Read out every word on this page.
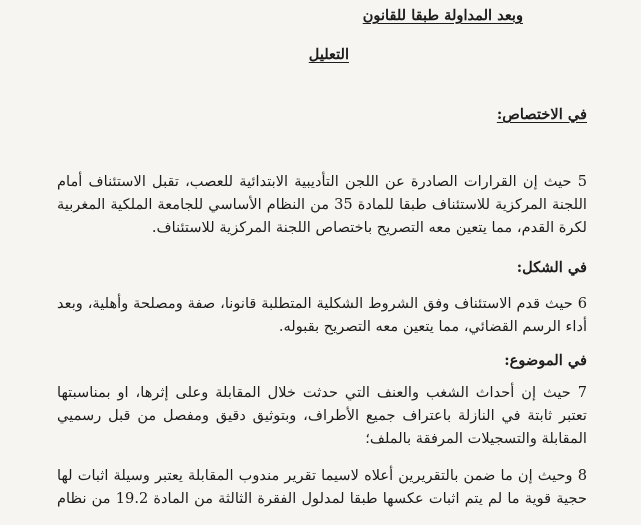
وبعد المداولة طبقا للقانون
التعليل
في الاختصاص:
5 حيث إن القرارات الصادرة عن اللجن التأديبية الابتدائية للعصب، تقبل الاستئناف أمام
اللجنة المركزية للاستئناف طبقا للمادة 35 من النظام الأساسي للجامعة الملكية المغربية
لكرة القدم، مما يتعين معه التصريح باختصاص اللجنة المركزية للاستئناف.
في الشكل:
6 حيث قدم الاستئناف وفق الشروط الشكلية المتطلبة قانونا، صفة ومصلحة وأهلية، وبعد
أداء الرسم القضائي، مما يتعين معه التصريح بقبوله.
في الموضوع:
7 حيث إن أحداث الشغب والعنف التي حدثت خلال المقابلة وعلى إثرها، او بمناسبتها
تعتبر ثابتة في النازلة باعتراف جميع الأطراف، وبتوثيق دقيق ومفصل من قبل رسميي
المقابلة والتسجيلات المرفقة بالملف؛
8 وحيث إن ما ضمن بالتقريرين أعلاه لاسيما تقرير مندوب المقابلة يعتبر وسيلة اثبات لها
حجية قوية ما لم يتم اثبات عكسها طبقا لمدلول الفقرة الثالثة من المادة 19.2 من نظام
